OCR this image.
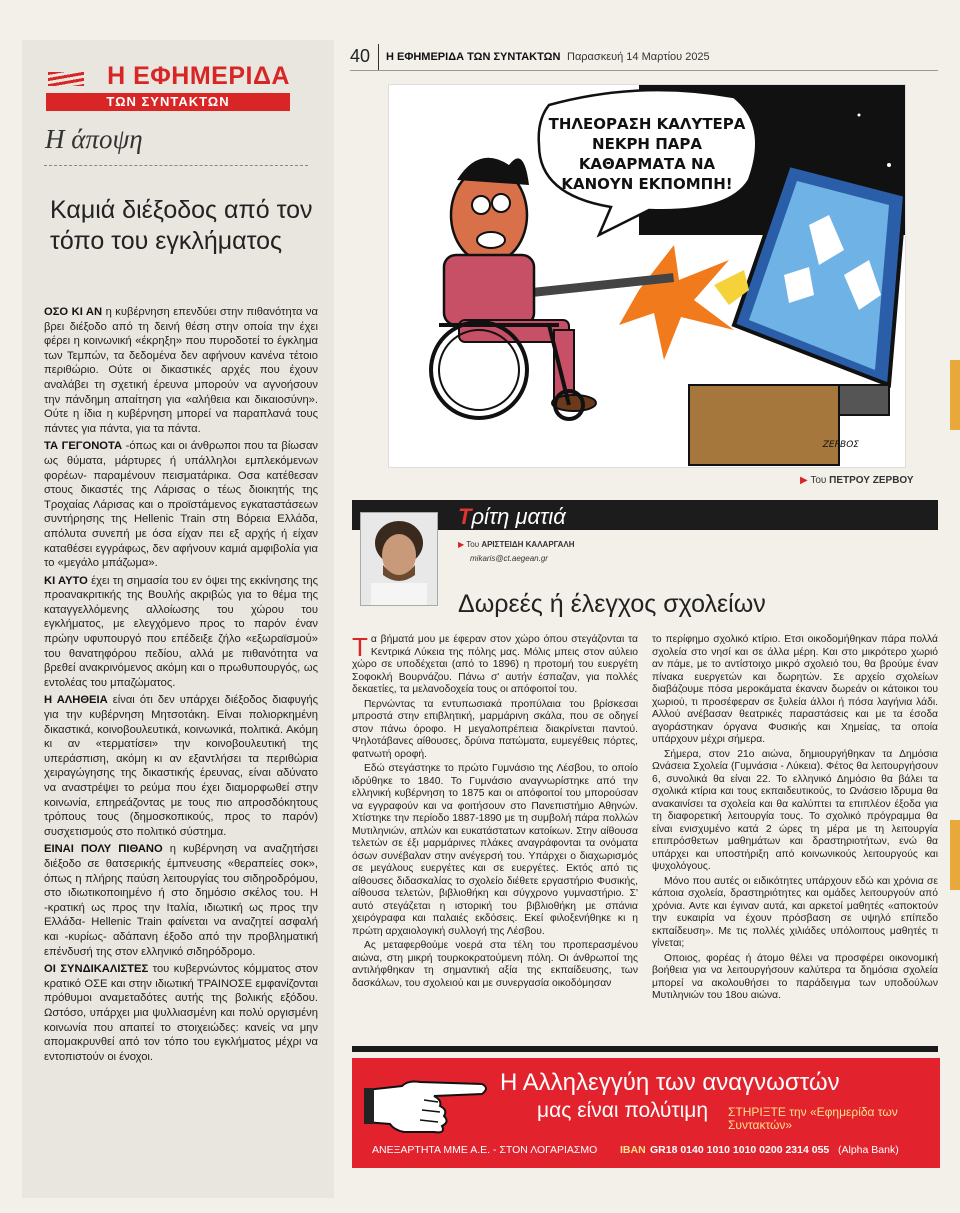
Η ΕΦΗΜΕΡΙΔΑ
ΤΩΝ ΣΥΝΤΑΚΤΩΝ
Η άποψη
Καμιά διέξοδος από τον τόπο του εγκλήματος

ΟΣΟ ΚΙ ΑΝ η κυβέρνηση επενδύει στην πιθανότητα να βρει διέξοδο από τη δεινή θέση στην οποία την έχει φέρει η κοινωνική «έκρηξη» που πυροδοτεί το έγκλημα των Τεμπών, τα δεδομένα δεν αφήνουν κανένα τέτοιο περιθώριο. Ούτε οι δικαστικές αρχές που έχουν αναλάβει τη σχετική έρευνα μπορούν να αγνοήσουν την πάνδημη απαίτηση για «αλήθεια και δικαιοσύνη». Ούτε η ίδια η κυβέρνηση μπορεί να παραπλανά τους πάντες για πάντα, για τα πάντα.

ΤΑ ΓΕΓΟΝΟΤΑ -όπως και οι άνθρωποι που τα βίωσαν ως θύματα, μάρτυρες ή υπάλληλοι εμπλεκόμενων φορέων- παραμένουν πεισματάρικα. Οσα κατέθεσαν στους δικαστές της Λάρισας ο τέως διοικητής της Τροχαίας Λάρισας και ο προϊστάμενος εγκαταστάσεων συντήρησης της Hellenic Train στη Βόρεια Ελλάδα, απόλυτα συνεπή με όσα είχαν πει εξ αρχής ή είχαν καταθέσει εγγράφως, δεν αφήνουν καμιά αμφιβολία για το «μεγάλο μπάζωμα».

ΚΙ ΑΥΤΟ έχει τη σημασία του εν όψει της εκκίνησης της προανακριτικής της Βουλής ακριβώς για το θέμα της καταγγελλόμενης αλλοίωσης του χώρου του εγκλήματος, με ελεγχόμενο προς το παρόν έναν πρώην υφυπουργό που επέδειξε ζήλο «εξωραϊσμού» του θανατηφόρου πεδίου, αλλά με πιθανότητα να βρεθεί ανακρινόμενος ακόμη και ο πρωθυπουργός, ως εντολέας του μπαζώματος.

Η ΑΛΗΘΕΙΑ είναι ότι δεν υπάρχει διέξοδος διαφυγής για την κυβέρνηση Μητσοτάκη. Είναι πολιορκημένη δικαστικά, κοινοβουλευτικά, κοινωνικά, πολιτικά. Ακόμη κι αν «τερματίσει» την κοινοβουλευτική της υπεράσπιση, ακόμη κι αν εξαντλήσει τα περιθώρια χειραγώγησης της δικαστικής έρευνας, είναι αδύνατο να αναστρέψει το ρεύμα που έχει διαμορφωθεί στην κοινωνία, επηρεάζοντας με τους πιο απροσδόκητους τρόπους τους (δημοσκοπικούς, προς το παρόν) συσχετισμούς στο πολιτικό σύστημα.

ΕΙΝΑΙ ΠΟΛΥ ΠΙΘΑΝΟ η κυβέρνηση να αναζητήσει διέξοδο σε θατσερικής έμπνευσης «θεραπείες σοκ», όπως η πλήρης παύση λειτουργίας του σιδηροδρόμου, στο ιδιωτικοποιημένο ή στο δημόσιο σκέλος του. Η -κρατική ως προς την Ιταλία, ιδιωτική ως προς την Ελλάδα- Hellenic Train φαίνεται να αναζητεί ασφαλή και -κυρίως- αδάπανη έξοδο από την προβληματική επένδυσή της στον ελληνικό σιδηρόδρομο.

ΟΙ ΣΥΝΔΙΚΑΛΙΣΤΕΣ του κυβερνώντος κόμματος στον κρατικό ΟΣΕ και στην ιδιωτική ΤΡΑΙΝΟΣΕ εμφανίζονται πρόθυμοι αναμεταδότες αυτής της βολικής εξόδου. Ωστόσο, υπάρχει μια ψυλλιασμένη και πολύ οργισμένη κοινωνία που απαιτεί το στοιχειώδες: κανείς να μην απομακρυνθεί από τον τόπο του εγκλήματος μέχρι να εντοπιστούν οι ένοχοι.

40 Η ΕΦΗΜΕΡΙΔΑ ΤΩΝ ΣΥΝΤΑΚΤΩΝ Παρασκευή 14 Μαρτίου 2025
ΤΗΛΕΟΡΑΣΗ ΚΑΛΥΤΕΡΑ
ΝΕΚΡΗ ΠΑΡΑ
ΚΑΘΑΡΜΑΤΑ ΝΑ
ΚΑΝΟΥΝ ΕΚΠΟΜΠΗ!
ΖΕΡΒΟΣ
▶ Του ΠΕΤΡΟΥ ΖΕΡΒΟΥ
Τρίτη ματιά
▶ Του ΑΡΙΣΤΕΙΔΗ ΚΑΛΑΡΓΑΛΗ
mikaris@ct.aegean.gr
Δωρεές ή έλεγχος σχολείων

Τα βήματά μου με έφεραν στον χώρο όπου στεγάζονται τα Κεντρικά Λύκεια της πόλης μας. Μόλις μπεις στον αύλειο χώρο σε υποδέχεται (από το 1896) η προτομή του ευεργέτη Σοφοκλή Βουρνάζου. Πάνω σ' αυτήν έσπαζαν, για πολλές δεκαετίες, τα μελανοδοχεία τους οι απόφοιτοί του.

Περνώντας τα εντυπωσιακά προπύλαια του βρίσκεσαι μπροστά στην επιβλητική, μαρμάρινη σκάλα, που σε οδηγεί στον πάνω όροφο. Η μεγαλοπρέπεια διακρίνεται παντού. Ψηλοτάβανες αίθουσες, δρύινα πατώματα, ευμεγέθεις πόρτες, φατνωτή οροφή.

Εδώ στεγάστηκε το πρώτο Γυμνάσιο της Λέσβου, το οποίο ιδρύθηκε το 1840. Το Γυμνάσιο αναγνωρίστηκε από την ελληνική κυβέρνηση το 1875 και οι απόφοιτοί του μπορούσαν να εγγραφούν και να φοιτήσουν στο Πανεπιστήμιο Αθηνών. Χτίστηκε την περίοδο 1887-1890 με τη συμβολή πάρα πολλών Μυτιληνιών, απλών και ευκατάστατων κατοίκων. Στην αίθουσα τελετών σε έξι μαρμάρινες πλάκες αναγράφονται τα ονόματα όσων συνέβαλαν στην ανέγερσή του. Υπάρχει ο διαχωρισμός σε μεγάλους ευεργέτες και σε ευεργέτες. Εκτός από τις αίθουσες διδασκαλίας το σχολείο διέθετε εργαστήριο Φυσικής, αίθουσα τελετών, βιβλιοθήκη και σύγχρονο γυμναστήριο. Σ' αυτό στεγάζεται η ιστορική του βιβλιοθήκη με σπάνια χειρόγραφα και παλαιές εκδόσεις. Εκεί φιλοξενήθηκε κι η πρώτη αρχαιολογική συλλογή της Λέσβου.

Ας μεταφερθούμε νοερά στα τέλη του προπερασμένου αιώνα, στη μικρή τουρκοκρατούμενη πόλη. Οι άνθρωποί της αντιλήφθηκαν τη σημαντική αξία της εκπαίδευσης, των δασκάλων, του σχολειού και με συνεργασία οικοδόμησαν

το περίφημο σχολικό κτίριο. Ετσι οικοδομήθηκαν πάρα πολλά σχολεία στο νησί και σε άλλα μέρη. Και στο μικρότερο χωριό αν πάμε, με το αντίστοιχο μικρό σχολειό του, θα βρούμε έναν πίνακα ευεργετών και δωρητών. Σε αρχείο σχολείων διαβάζουμε πόσα μεροκάματα έκαναν δωρεάν οι κάτοικοι του χωριού, τι προσέφεραν σε ξυλεία άλλοι ή πόσα λαγήνια λάδι. Αλλού ανέβασαν θεατρικές παραστάσεις και με τα έσοδα αγοράστηκαν όργανα Φυσικής και Χημείας, τα οποία υπάρχουν μέχρι σήμερα.

Σήμερα, στον 21ο αιώνα, δημιουργήθηκαν τα Δημόσια Ωνάσεια Σχολεία (Γυμνάσια - Λύκεια). Φέτος θα λειτουργήσουν 6, συνολικά θα είναι 22. Το ελληνικό Δημόσιο θα βάλει τα σχολικά κτίρια και τους εκπαιδευτικούς, το Ωνάσειο Ιδρυμα θα ανακαινίσει τα σχολεία και θα καλύπτει τα επιπλέον έξοδα για τη διαφορετική λειτουργία τους. Το σχολικό πρόγραμμα θα είναι ενισχυμένο κατά 2 ώρες τη μέρα με τη λειτουργία επιπρόσθετων μαθημάτων και δραστηριοτήτων, ενώ θα υπάρχει και υποστήριξη από κοινωνικούς λειτουργούς και ψυχολόγους.

Μόνο που αυτές οι ειδικότητες υπάρχουν εδώ και χρόνια σε κάποια σχολεία, δραστηριότητες και ομάδες λειτουργούν από χρόνια. Αντε και έγιναν αυτά, και αρκετοί μαθητές «αποκτούν την ευκαιρία να έχουν πρόσβαση σε υψηλό επίπεδο εκπαίδευση». Με τις πολλές χιλιάδες υπόλοιπους μαθητές τι γίνεται;

Οποιος, φορέας ή άτομο θέλει να προσφέρει οικονομική βοήθεια για να λειτουργήσουν καλύτερα τα δημόσια σχολεία μπορεί να ακολουθήσει το παράδειγμα των υποδούλων Μυτιληνιών του 18ου αιώνα.

Η Αλληλεγγύη των αναγνωστών
μας είναι πολύτιμη ΣΤΗΡΙΞΤΕ την «Εφημερίδα των Συντακτών»
ΑΝΕΞΑΡΤΗΤΑ ΜΜΕ Α.Ε. - ΣΤΟΝ ΛΟΓΑΡΙΑΣΜΟ IBAN GR18 0140 1010 1010 0200 2314 055 (Alpha Bank)
